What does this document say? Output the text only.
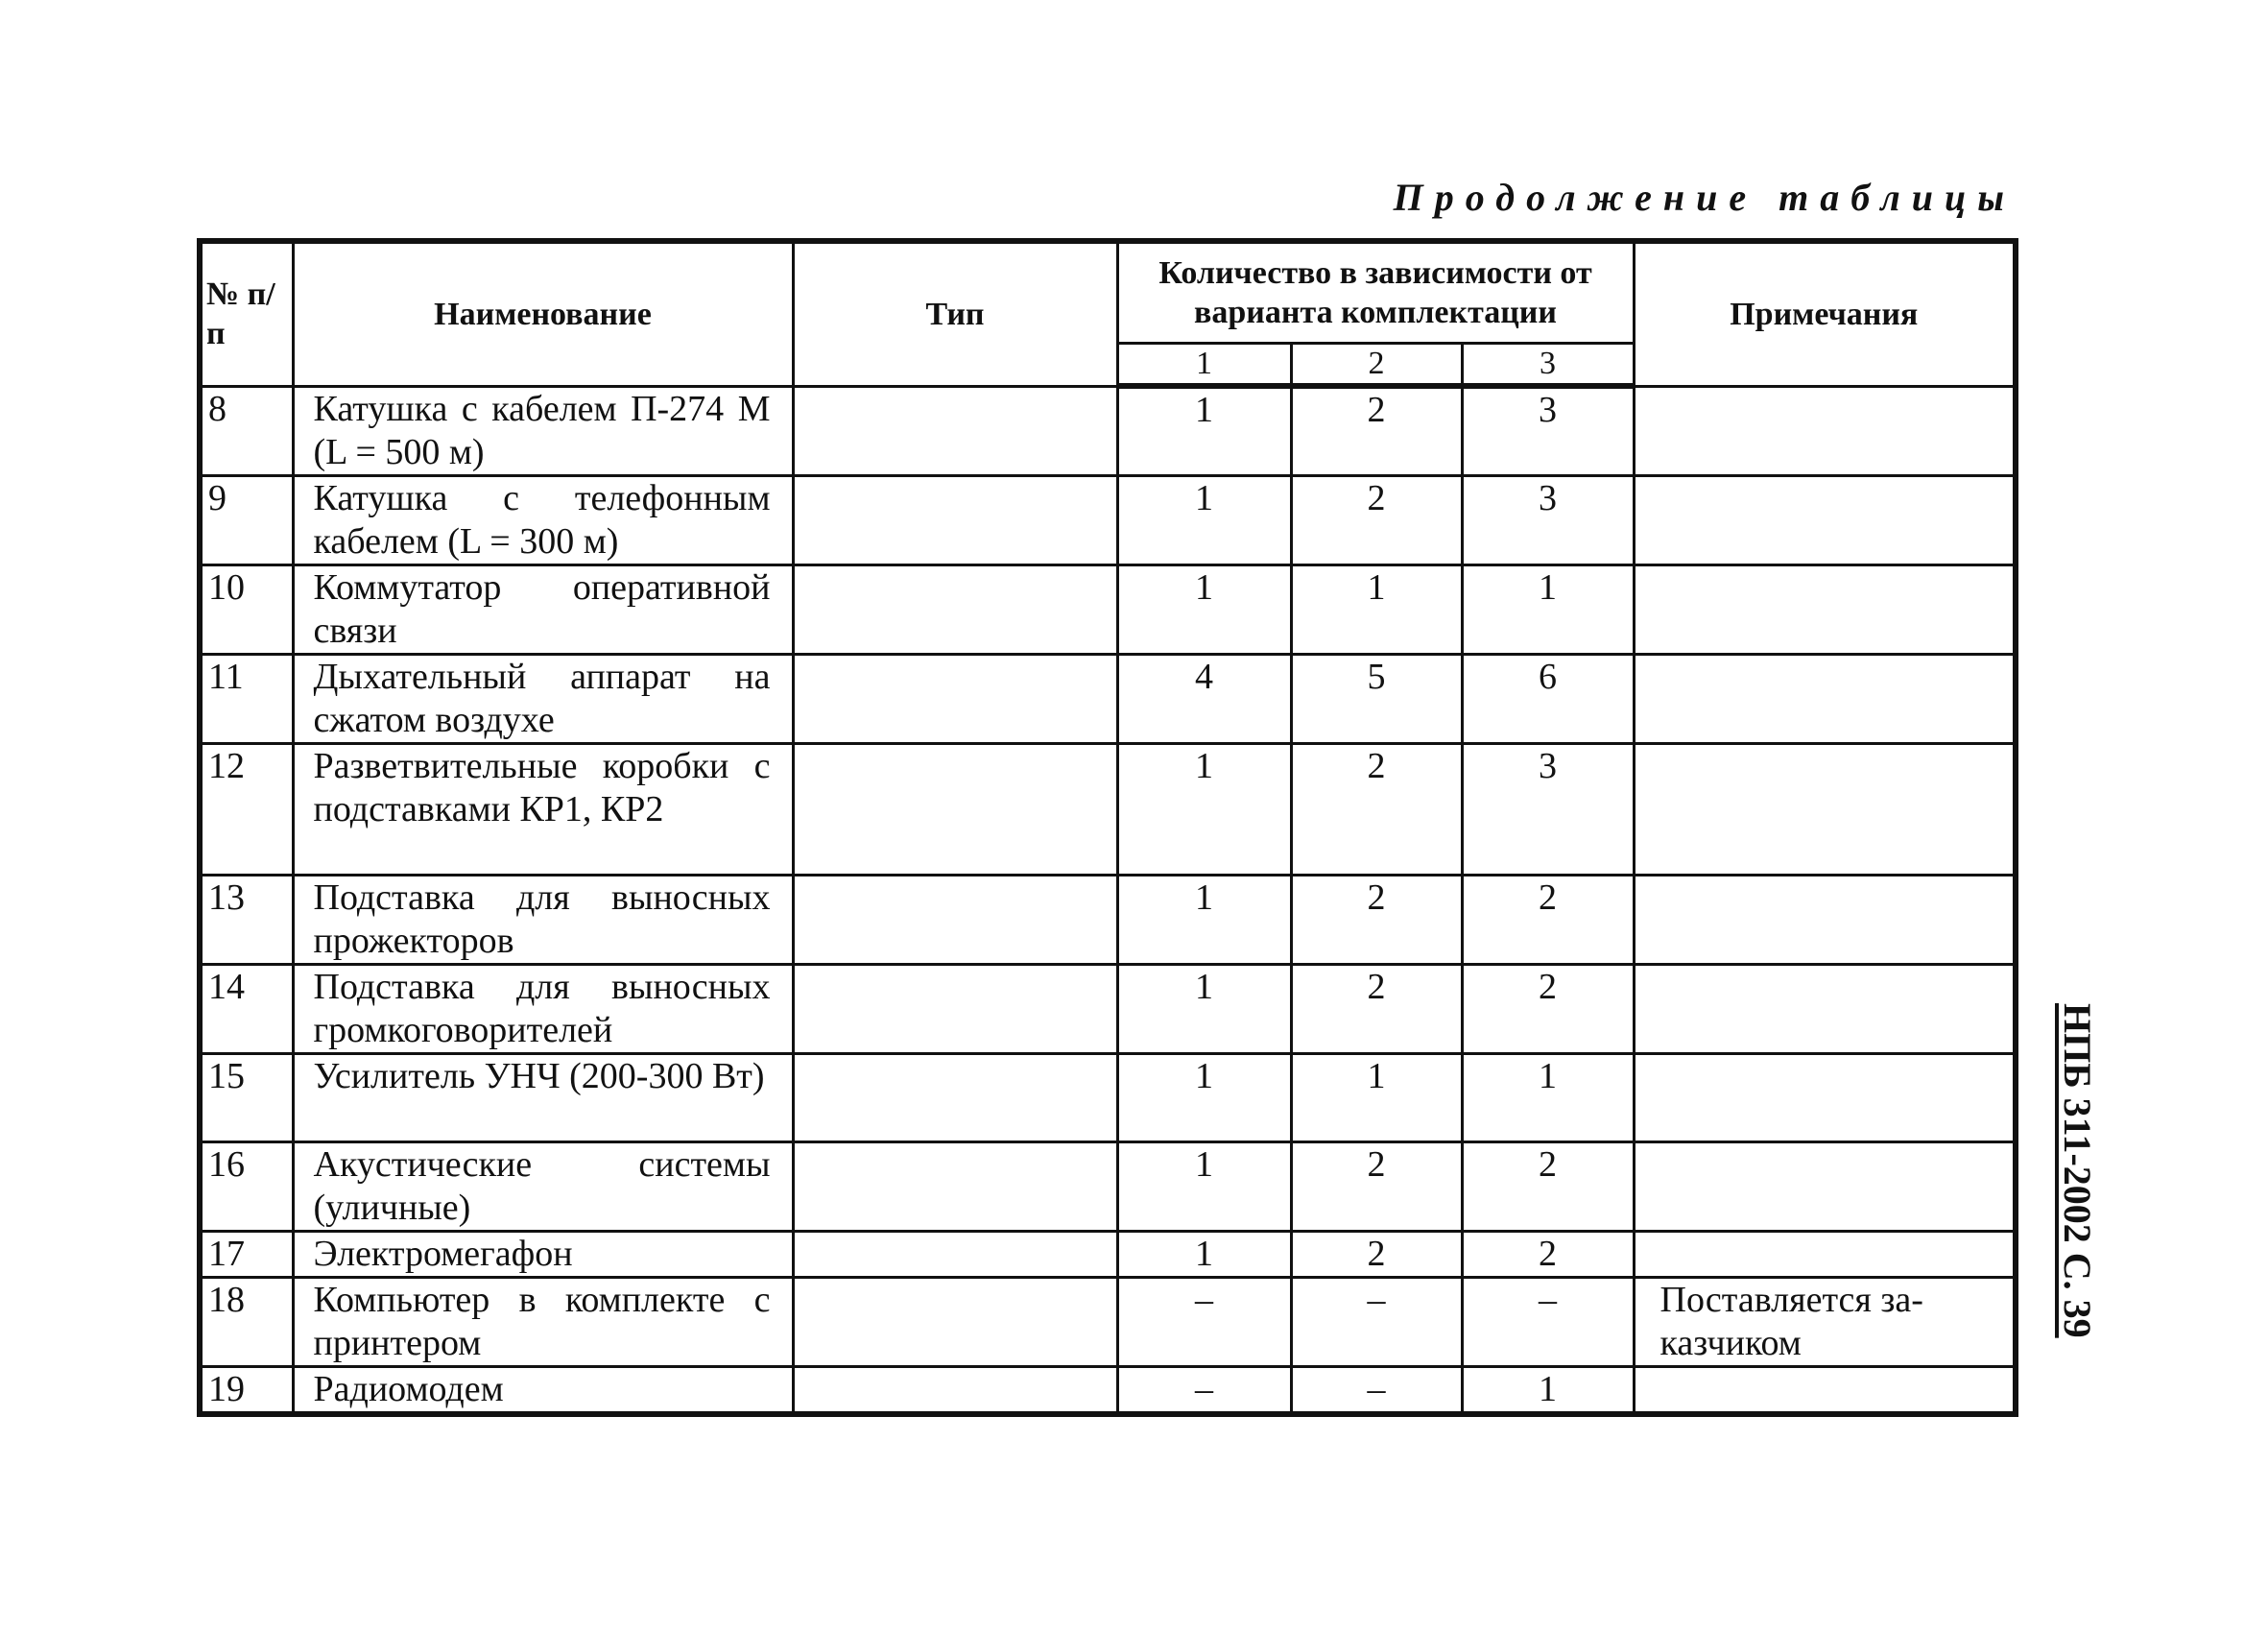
Продолжение таблицы
№ п/п	Наименование	Тип	Количество в зависимости от варианта комплектации			Примечания
			1	2	3	
8	Катушка с кабелем П-274 М (L = 500 м)		1	2	3	
9	Катушка с телефонным кабелем (L = 300 м)		1	2	3	
10	Коммутатор оперативной связи		1	1	1	
11	Дыхательный аппарат на сжатом воздухе		4	5	6	
12	Разветвительные коробки с подставками КР1, КР2		1	2	3	
13	Подставка для выносных прожекторов		1	2	2	
14	Подставка для выносных громкоговорителей		1	2	2	
15	Усилитель УНЧ (200-300 Вт)		1	1	1	
16	Акустические системы (уличные)		1	2	2	
17	Электромегафон		1	2	2	
18	Компьютер в комплекте с принтером		–	–	–	Поставляется заказчиком
19	Радиомодем		–	–	1	
НПБ 311-2002 С. 39
